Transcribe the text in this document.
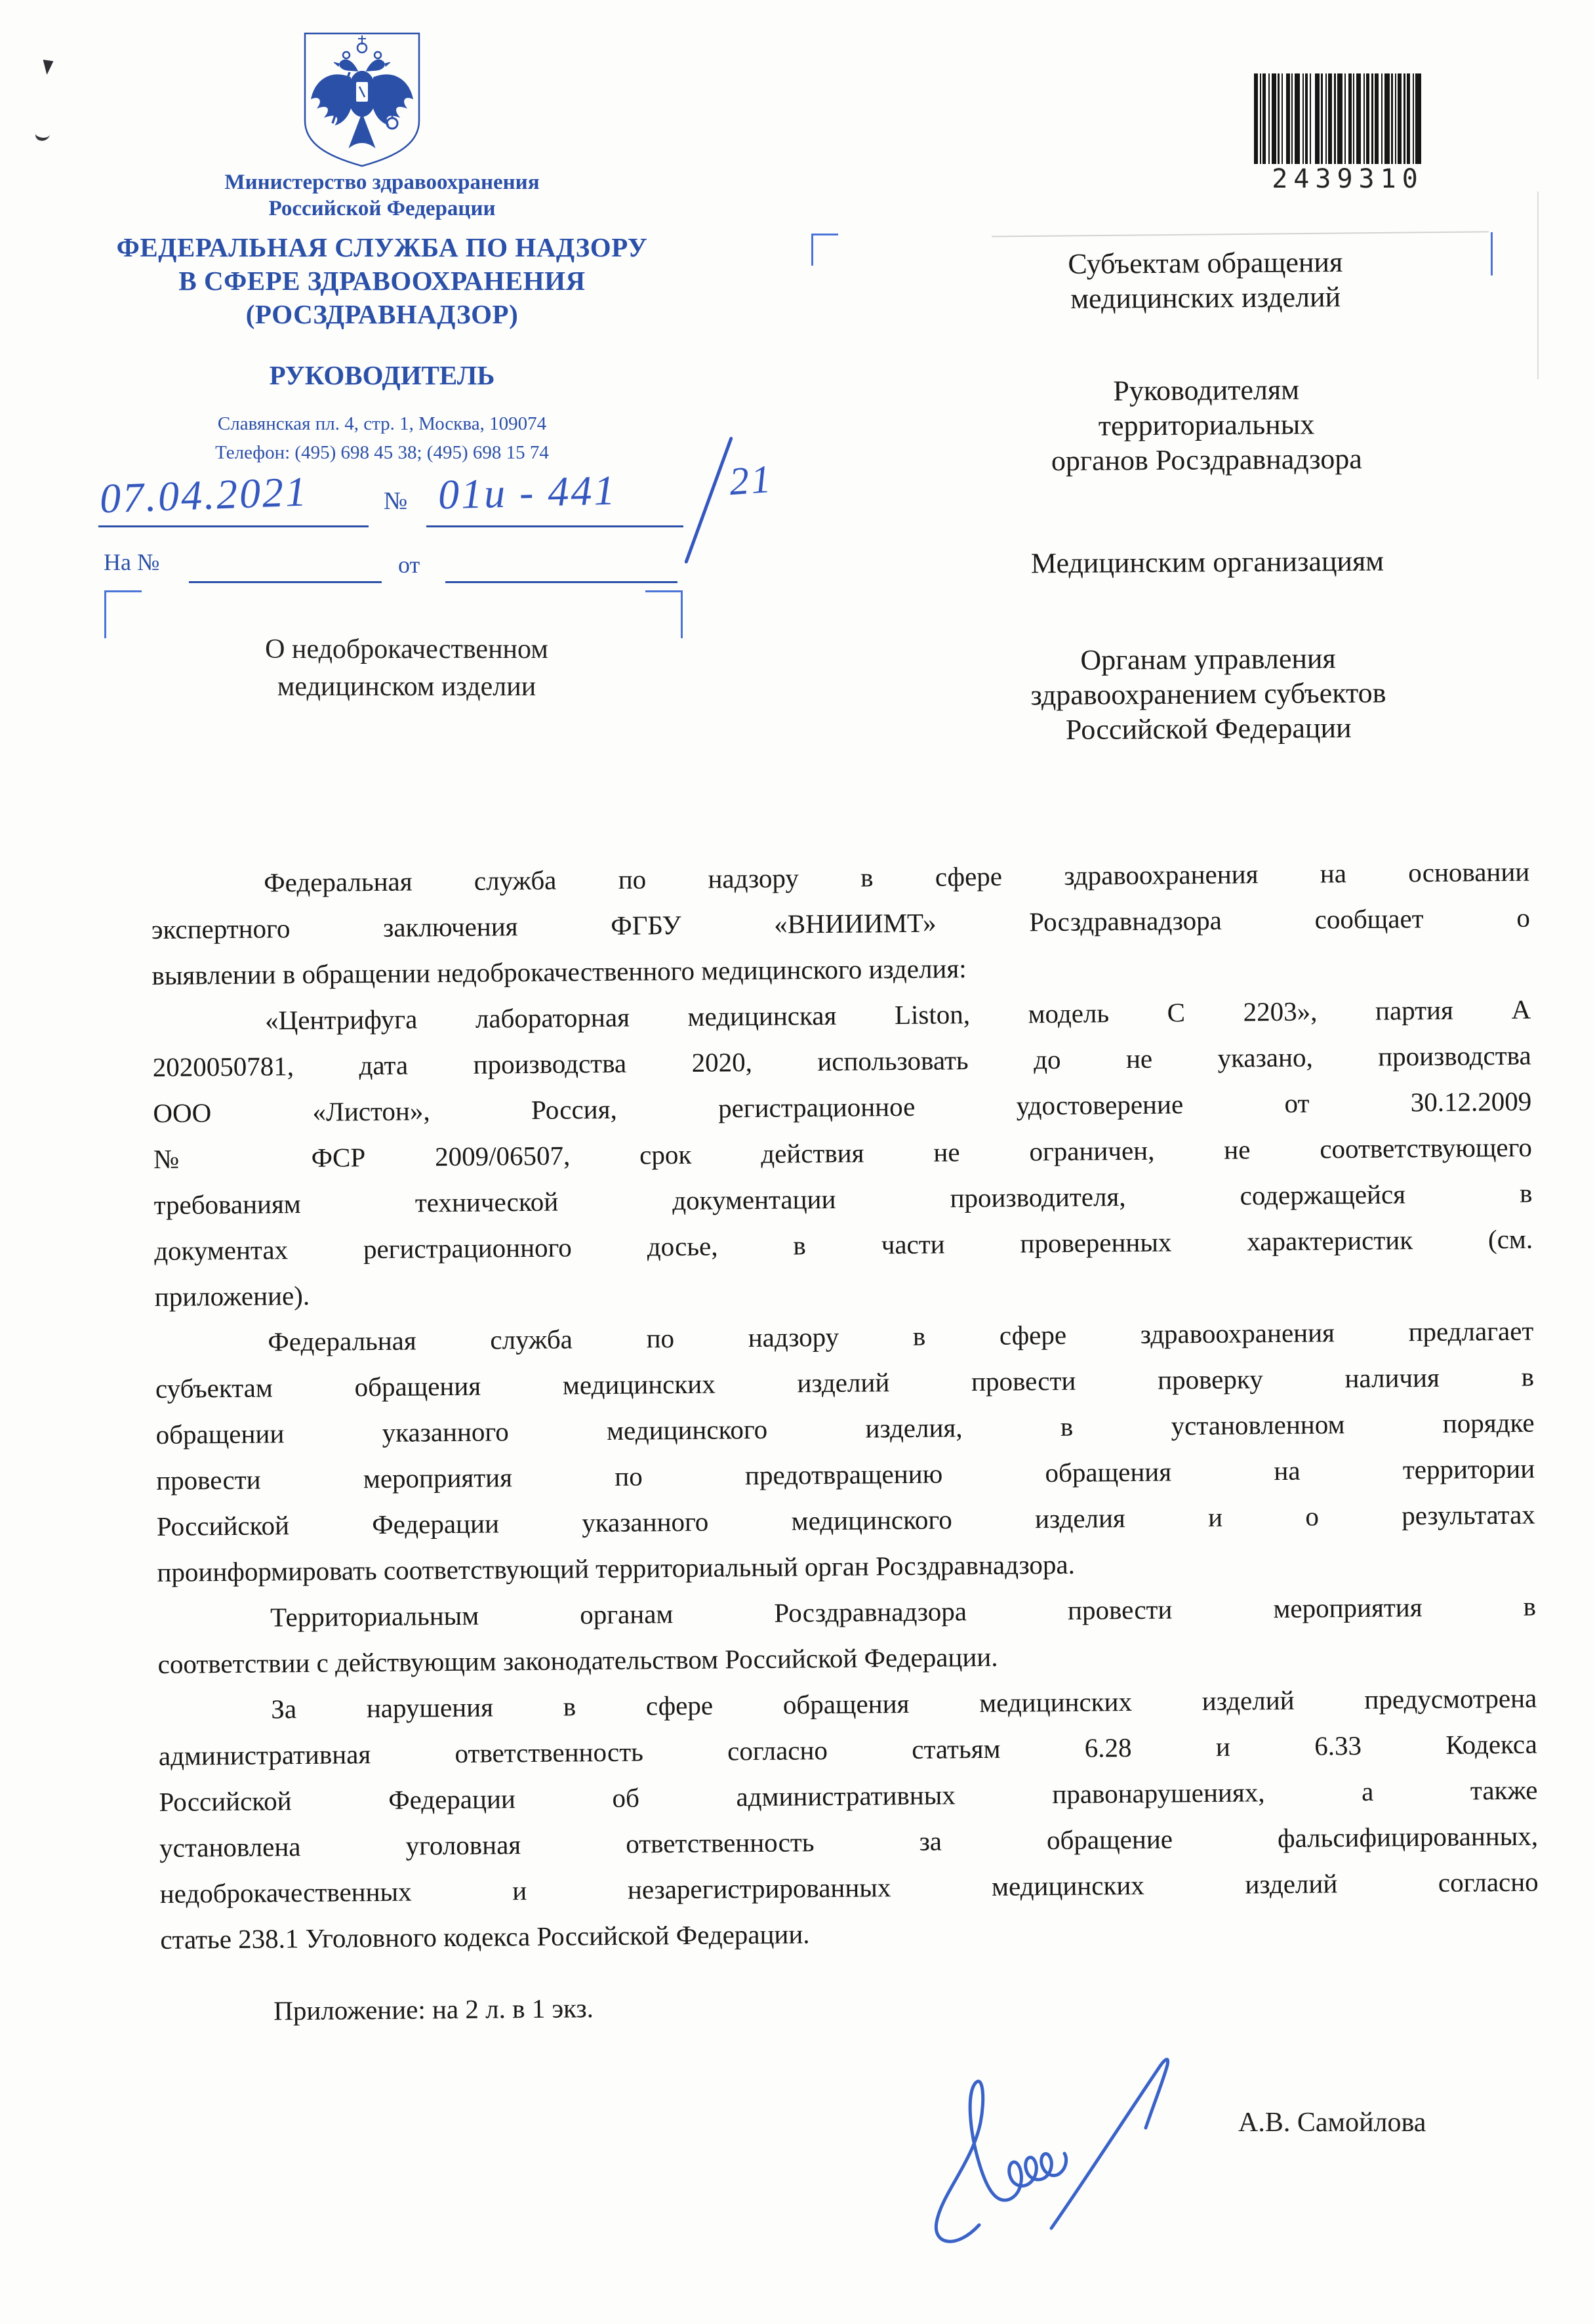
Министерство здравоохранения
Российской Федерации
ФЕДЕРАЛЬНАЯ СЛУЖБА ПО НАДЗОРУ
В СФЕРЕ ЗДРАВООХРАНЕНИЯ
(РОСЗДРАВНАДЗОР)
РУКОВОДИТЕЛЬ
Славянская пл. 4, стр. 1, Москва, 109074
Телефон: (495) 698 45 38; (495) 698 15 74
07.04.2021	№ 01и - 441	21
На №	от
О недоброкачественном
медицинском изделии
2439310
Субъектам обращения
медицинских изделий
Руководителям
территориальных
органов Росздравнадзора
Медицинским организациям
Органам управления
здравоохранением субъектов
Российской Федерации
Федеральная служба по надзору в сфере здравоохранения на основании
экспертного заключения ФГБУ «ВНИИИМТ» Росздравнадзора сообщает о
выявлении в обращении недоброкачественного медицинского изделия:
«Центрифуга лабораторная медицинская Liston, модель С 2203», партия А
2020050781, дата производства 2020, использовать до не указано, производства
ООО «Листон», Россия, регистрационное удостоверение от 30.12.2009
№ ФСР 2009/06507, срок действия не ограничен, не соответствующего
требованиям технической документации производителя, содержащейся в
документах регистрационного досье, в части проверенных характеристик (см.
приложение).
Федеральная служба по надзору в сфере здравоохранения предлагает
субъектам обращения медицинских изделий провести проверку наличия в
обращении указанного медицинского изделия, в установленном порядке
провести мероприятия по предотвращению обращения на территории
Российской Федерации указанного медицинского изделия и о результатах
проинформировать соответствующий территориальный орган Росздравнадзора.
Территориальным органам Росздравнадзора провести мероприятия в
соответствии с действующим законодательством Российской Федерации.
За нарушения в сфере обращения медицинских изделий предусмотрена
административная ответственность согласно статьям 6.28 и 6.33 Кодекса
Российской Федерации об административных правонарушениях, а также
установлена уголовная ответственность за обращение фальсифицированных,
недоброкачественных и незарегистрированных медицинских изделий согласно
статье 238.1 Уголовного кодекса Российской Федерации.
Приложение: на 2 л. в 1 экз.
А.В. Самойлова
